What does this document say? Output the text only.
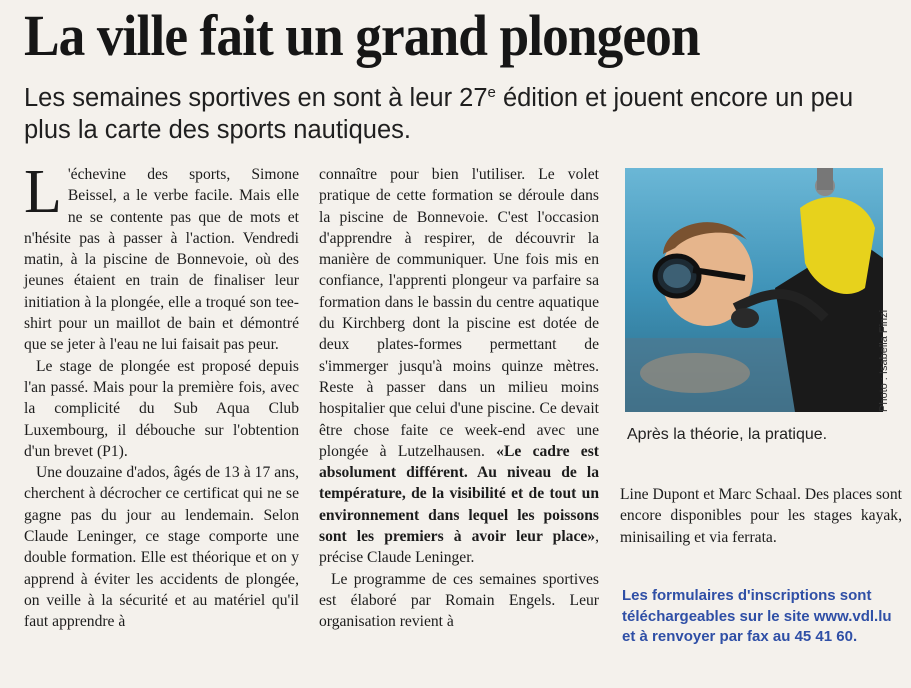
La ville fait un grand plongeon

Les semaines sportives en sont à leur 27e édition et jouent encore un peu plus la carte des sports nautiques.

L 'échevine des sports, Simone Beissel, a le verbe facile. Mais elle ne se contente pas que de mots et n'hésite pas à passer à l'action. Vendredi matin, à la piscine de Bonnevoie, où des jeunes étaient en train de finaliser leur initiation à la plongée, elle a troqué son tee-shirt pour un maillot de bain et démontré que se jeter à l'eau ne lui faisait pas peur.

Le stage de plongée est proposé depuis l'an passé. Mais pour la première fois, avec la complicité du Sub Aqua Club Luxembourg, il débouche sur l'obtention d'un brevet (P1).

Une douzaine d'ados, âgés de 13 à 17 ans, cherchent à décrocher ce certificat qui ne se gagne pas du jour au lendemain. Selon Claude Leninger, ce stage comporte une double formation. Elle est théorique et on y apprend à éviter les accidents de plongée, on veille à la sécurité et au matériel qu'il faut apprendre à

connaître pour bien l'utiliser. Le volet pratique de cette formation se déroule dans la piscine de Bonnevoie. C'est l'occasion d'apprendre à respirer, de découvrir la manière de communiquer. Une fois mis en confiance, l'apprenti plongeur va parfaire sa formation dans le bassin du centre aquatique du Kirchberg dont la piscine est dotée de deux plates-formes permettant de s'immerger jusqu'à moins quinze mètres. Reste à passer dans un milieu moins hospitalier que celui d'une piscine. Ce devait être chose faite ce week-end avec une plongée à Lutzelhausen. «Le cadre est absolument différent. Au niveau de la température, de la visibilité et de tout un environnement dans lequel les poissons sont les premiers à avoir leur place», précise Claude Leninger.

Le programme de ces semaines sportives est élaboré par Romain Engels. Leur organisation revient à

Photo : Isabella Finzi

Après la théorie, la pratique.

Line Dupont et Marc Schaal. Des places sont encore disponibles pour les stages kayak, minisailing et via ferrata.

Les formulaires d'inscriptions sont téléchargeables sur le site www.vdl.lu et à renvoyer par fax au 45 41 60.
